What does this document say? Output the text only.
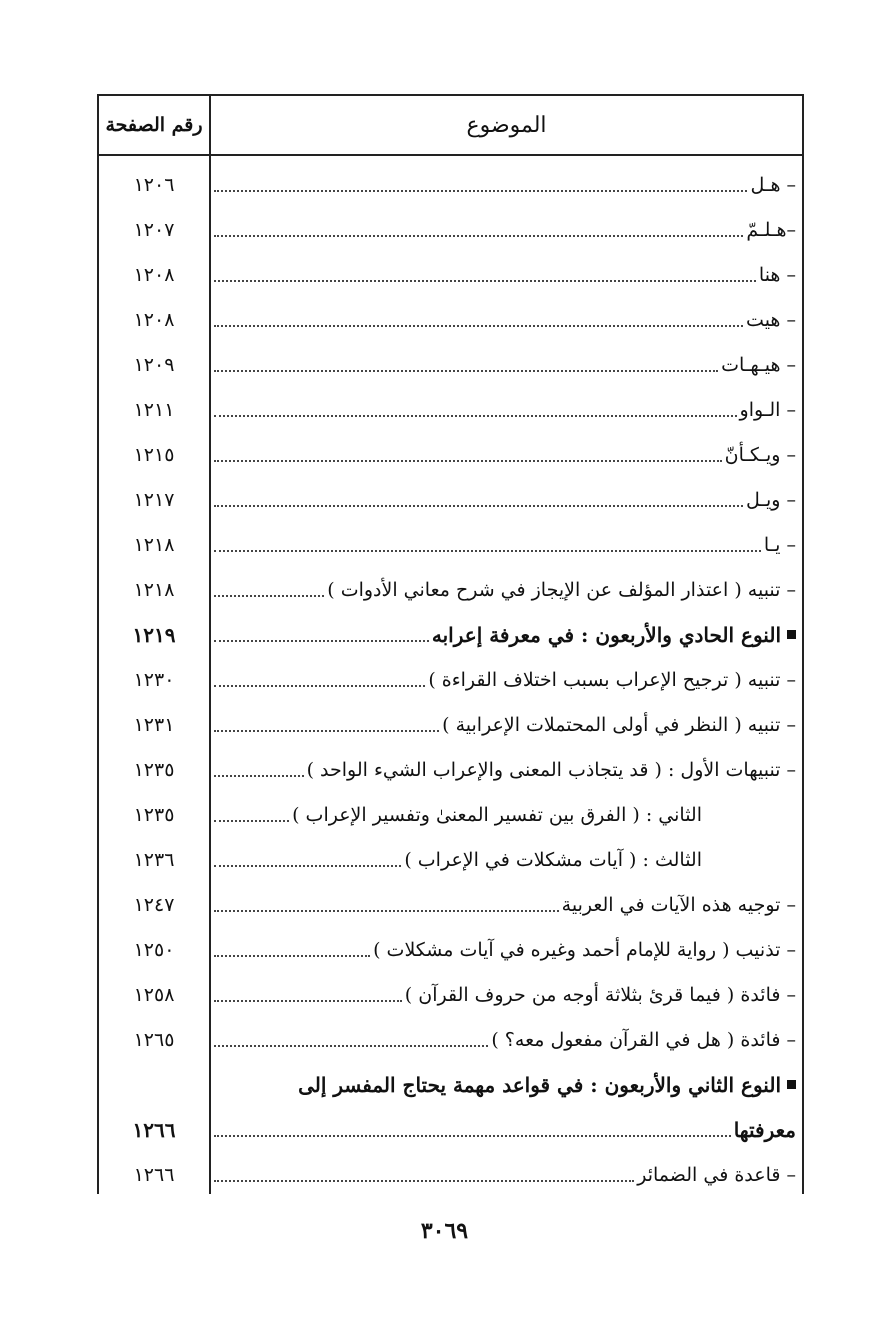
الموضوع
رقم الصفحة
– هـل
١٢٠٦
–هـلـمّ
١٢٠٧
– هنا
١٢٠٨
– هيت
١٢٠٨
– هيـهـات
١٢٠٩
– الـواو
١٢١١
– ويـكـأنّ
١٢١٥
– ويـل
١٢١٧
– يـا
١٢١٨
– تنبيه ( اعتذار المؤلف عن الإيجاز في شرح معاني الأدوات )
١٢١٨
النوع الحادي والأربعون : في معرفة إعرابه
١٢١٩
– تنبيه ( ترجيح الإعراب بسبب اختلاف القراءة )
١٢٣٠
– تنبيه ( النظر في أولى المحتملات الإعرابية )
١٢٣١
– تنبيهات الأول : ( قد يتجاذب المعنى والإعراب الشيء الواحد )
١٢٣٥
الثاني : ( الفرق بين تفسير المعنىٰ وتفسير الإعراب )
١٢٣٥
الثالث : ( آيات مشكلات في الإعراب )
١٢٣٦
– توجيه هذه الآيات في العربية
١٢٤٧
– تذنيب ( رواية للإمام أحمد وغيره في آيات مشكلات )
١٢٥٠
– فائدة ( فيما قرئ بثلاثة أوجه من حروف القرآن )
١٢٥٨
– فائدة ( هل في القرآن مفعول معه؟ )
١٢٦٥
النوع الثاني والأربعون : في قواعد مهمة يحتاج المفسر إلى
معرفتها
١٢٦٦
– قاعدة في الضمائر
١٢٦٦
٣٠٦٩
